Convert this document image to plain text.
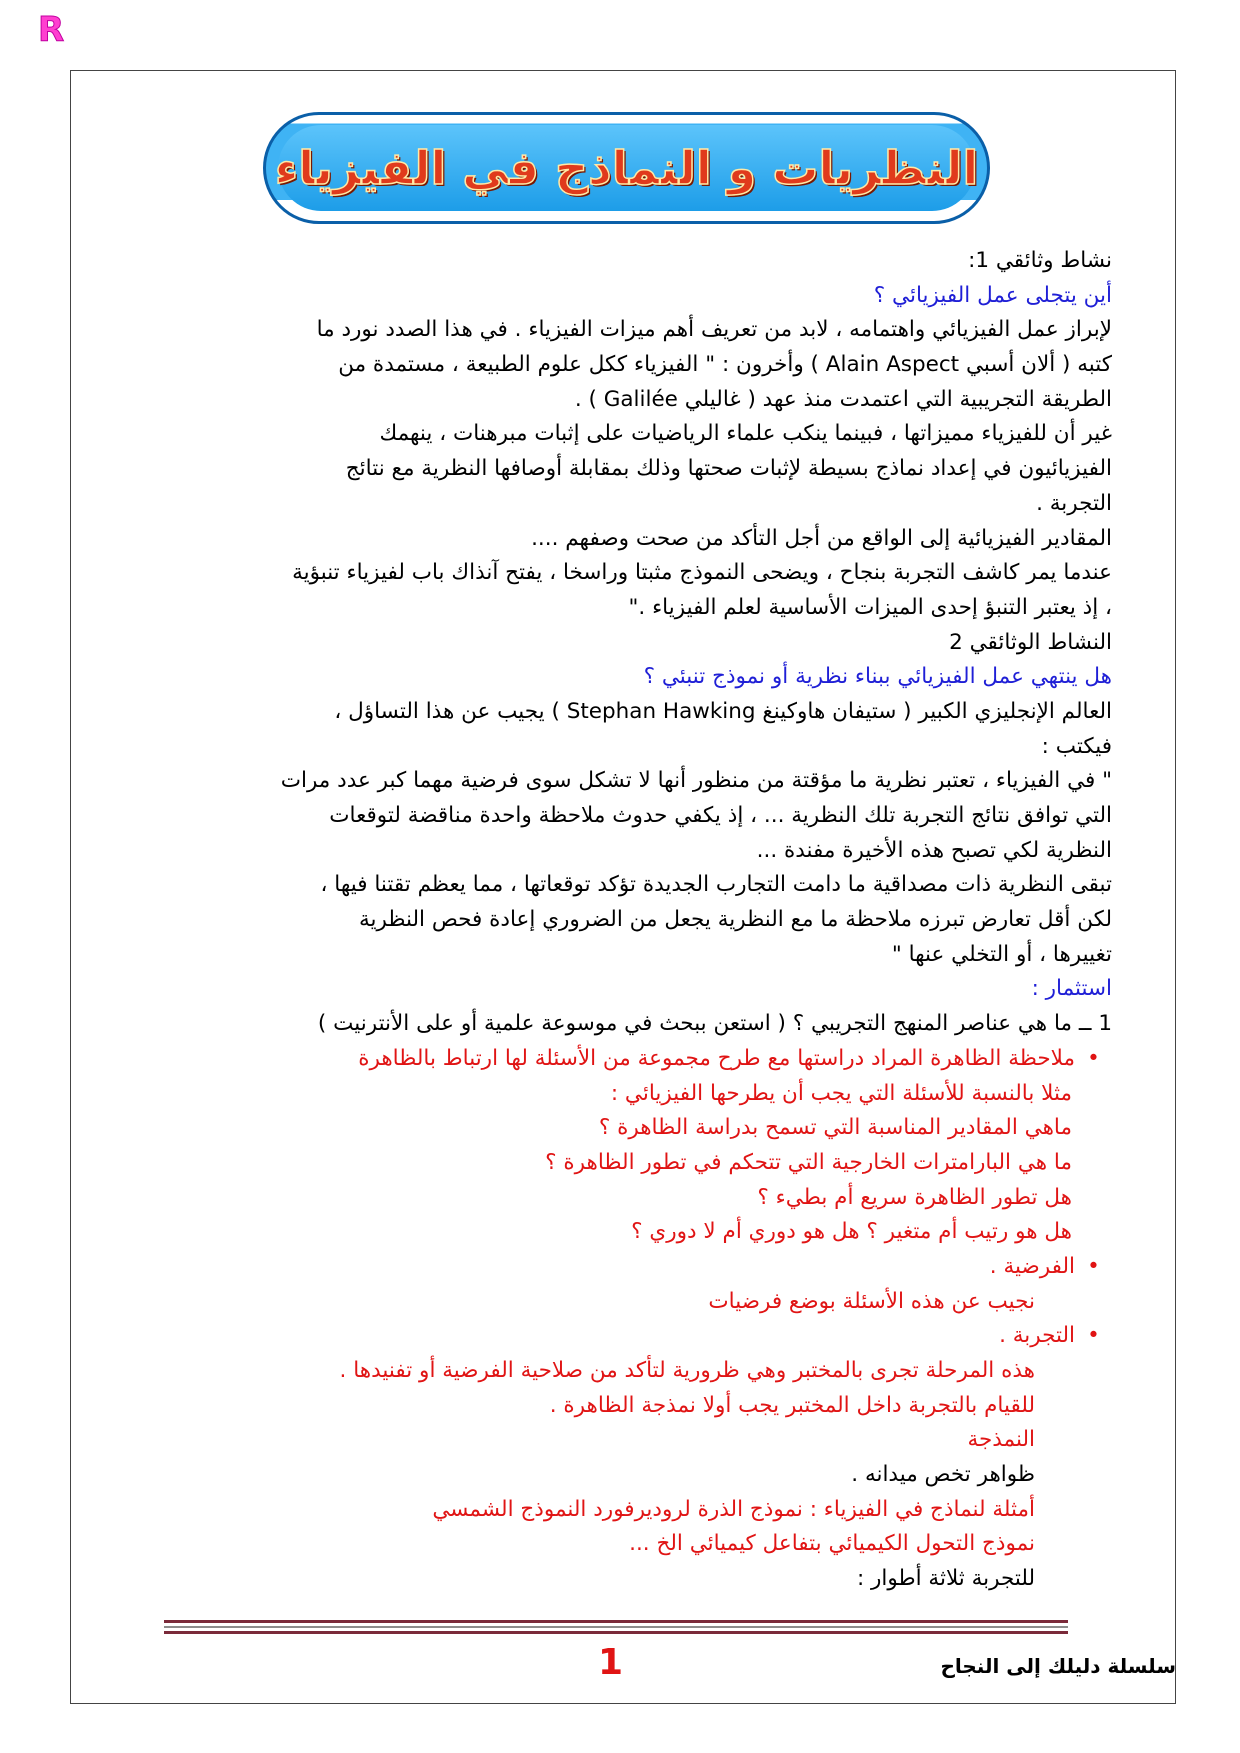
R
النظريات و النماذج في الفيزياء
نشاط وثائقي 1:
أين يتجلى عمل الفيزيائي ؟
لإبراز عمل الفيزيائي واهتمامه ، لابد من تعريف أهم ميزات الفيزياء . في هذا الصدد نورد ما
كتبه ( ألان أسبي Alain Aspect ) وأخرون : " الفيزياء ككل علوم الطبيعة ، مستمدة من
الطريقة التجريبية التي اعتمدت منذ عهد ( غاليلي Galilée ) .
غير أن للفيزياء مميزاتها ، فبينما ينكب علماء الرياضيات على إثبات مبرهنات ، ينهمك
الفيزيائيون في إعداد نماذج بسيطة لإثبات صحتها وذلك بمقابلة أوصافها النظرية مع نتائج
التجربة .
المقادير الفيزيائية إلى الواقع من أجل التأكد من صحت وصفهم ....
عندما يمر كاشف التجربة بنجاح ، ويضحى النموذج مثبتا وراسخا ، يفتح آنذاك باب لفيزياء تنبؤية
، إذ يعتبر التنبؤ إحدى الميزات الأساسية لعلم الفيزياء ."
النشاط الوثائقي 2
هل ينتهي عمل الفيزيائي ببناء نظرية أو نموذج تنبئي ؟
العالم الإنجليزي الكبير ( ستيفان هاوكينغ Stephan Hawking ) يجيب عن هذا التساؤل ،
فيكتب :
" في الفيزياء ، تعتبر نظرية ما مؤقتة من منظور أنها لا تشكل سوى فرضية مهما كبر عدد مرات
التي توافق نتائج التجربة تلك النظرية ... ، إذ يكفي حدوث ملاحظة واحدة مناقضة لتوقعات
النظرية لكي تصبح هذه الأخيرة مفندة ...
تبقى النظرية ذات مصداقية ما دامت التجارب الجديدة تؤكد توقعاتها ، مما يعظم تقتنا فيها ،
لكن أقل تعارض تبرزه ملاحظة ما مع النظرية يجعل من الضروري إعادة فحص النظرية
تغييرها ، أو التخلي عنها "
استثمار :
1 ــ ما هي عناصر المنهج التجريبي ؟ ( استعن ببحث في موسوعة علمية أو على الأنترنيت )
•ملاحظة الظاهرة المراد دراستها مع طرح مجموعة من الأسئلة لها ارتباط بالظاهرة
مثلا بالنسبة للأسئلة التي يجب أن يطرحها الفيزيائي :
ماهي المقادير المناسبة التي تسمح بدراسة الظاهرة ؟
ما هي البارامترات الخارجية التي تتحكم في تطور الظاهرة ؟
هل تطور الظاهرة سريع أم بطيء ؟
هل هو رتيب أم متغير ؟ هل هو دوري أم لا دوري ؟
•الفرضية .
نجيب عن هذه الأسئلة بوضع فرضيات
•التجربة .
هذه المرحلة تجرى بالمختبر وهي ظرورية لتأكد من صلاحية الفرضية أو تفنيدها .
للقيام بالتجربة داخل المختبر يجب أولا نمذجة الظاهرة .
النمذجة
ظواهر تخص ميدانه .
أمثلة لنماذج في الفيزياء : نموذج الذرة لروديرفورد النموذج الشمسي
نموذج التحول الكيميائي بتفاعل كيميائي الخ ...
للتجربة ثلاثة أطوار :
1	سلسلة دليلك إلى النجاح
